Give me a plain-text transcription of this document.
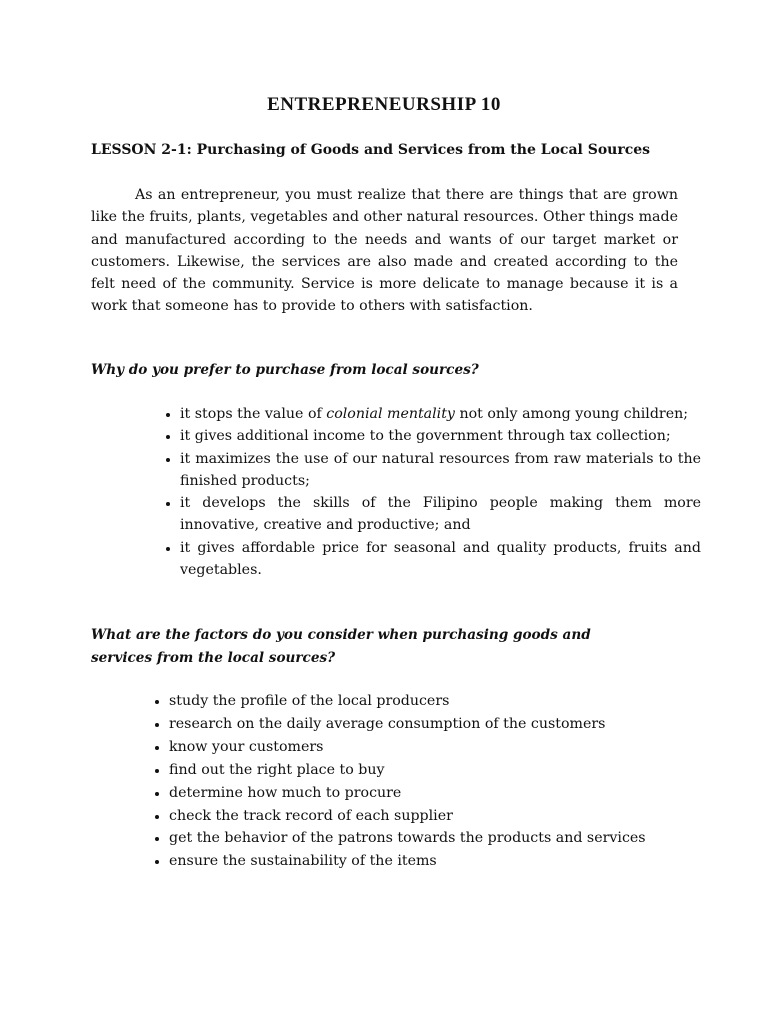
ENTREPRENEURSHIP 10
LESSON 2-1: Purchasing of Goods and Services from the Local Sources

As an entrepreneur, you must realize that there are things that are grown like the fruits, plants, vegetables and other natural resources. Other things made and manufactured according to the needs and wants of our target market or customers. Likewise, the services are also made and created according to the felt need of the community. Service is more delicate to manage because it is a work that someone has to provide to others with satisfaction.

Why do you prefer to purchase from local sources?

• it stops the value of colonial mentality not only among young children;
• it gives additional income to the government through tax collection;
• it maximizes the use of our natural resources from raw materials to the finished products;
• it develops the skills of the Filipino people making them more innovative, creative and productive; and
• it gives affordable price for seasonal and quality products, fruits and vegetables.

What are the factors do you consider when purchasing goods and services from the local sources?

• study the profile of the local producers
• research on the daily average consumption of the customers
• know your customers
• find out the right place to buy
• determine how much to procure
• check the track record of each supplier
• get the behavior of the patrons towards the products and services
• ensure the sustainability of the items
